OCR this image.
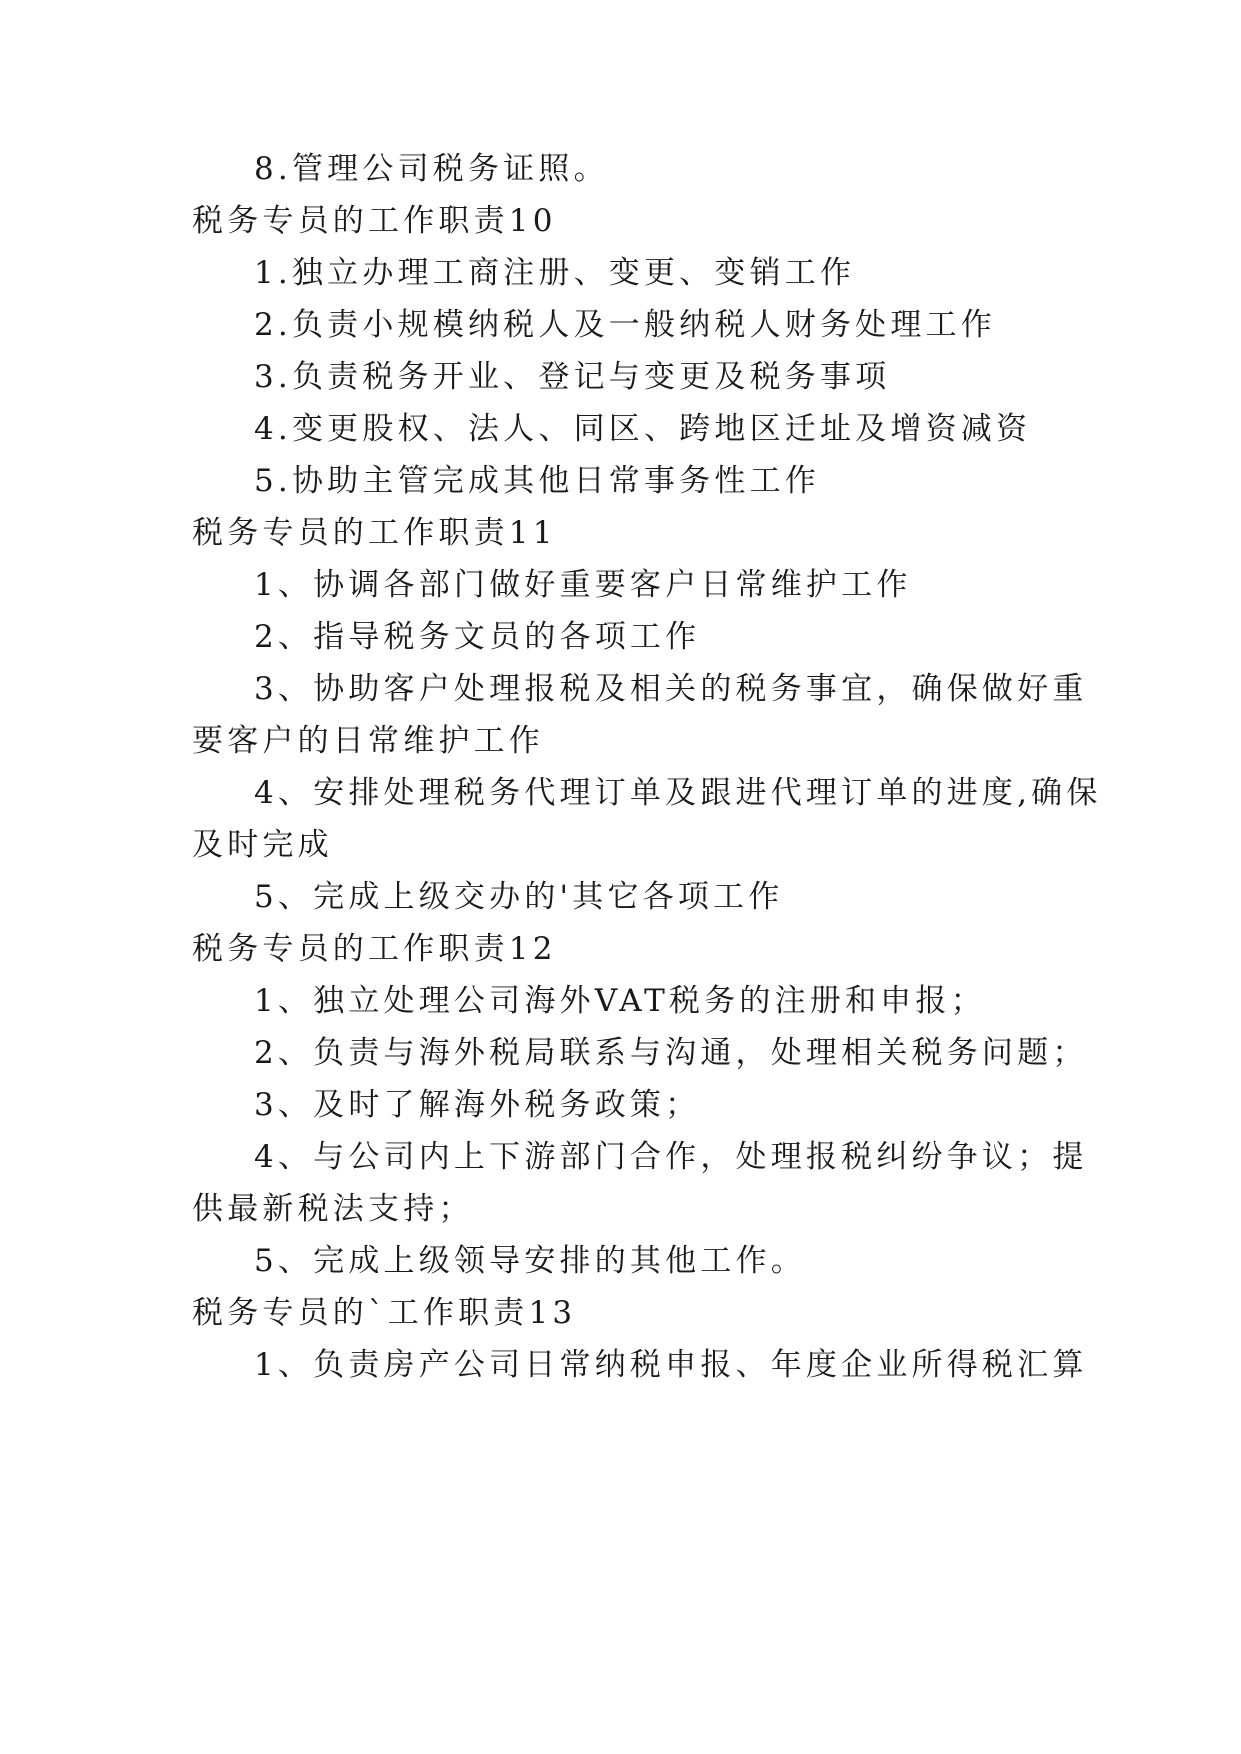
8.管理公司税务证照。
税务专员的工作职责10
1.独立办理工商注册、变更、变销工作
2.负责小规模纳税人及一般纳税人财务处理工作
3.负责税务开业、登记与变更及税务事项
4.变更股权、法人、同区、跨地区迁址及增资减资
5.协助主管完成其他日常事务性工作
税务专员的工作职责11
1、协调各部门做好重要客户日常维护工作
2、指导税务文员的各项工作
3、协助客户处理报税及相关的税务事宜，确保做好重
要客户的日常维护工作
4、安排处理税务代理订单及跟进代理订单的进度,确保
及时完成
5、完成上级交办的'其它各项工作
税务专员的工作职责12
1、独立处理公司海外VAT税务的注册和申报；
2、负责与海外税局联系与沟通，处理相关税务问题；
3、及时了解海外税务政策；
4、与公司内上下游部门合作，处理报税纠纷争议；提
供最新税法支持；
5、完成上级领导安排的其他工作。
税务专员的`工作职责13
1、负责房产公司日常纳税申报、年度企业所得税汇算
